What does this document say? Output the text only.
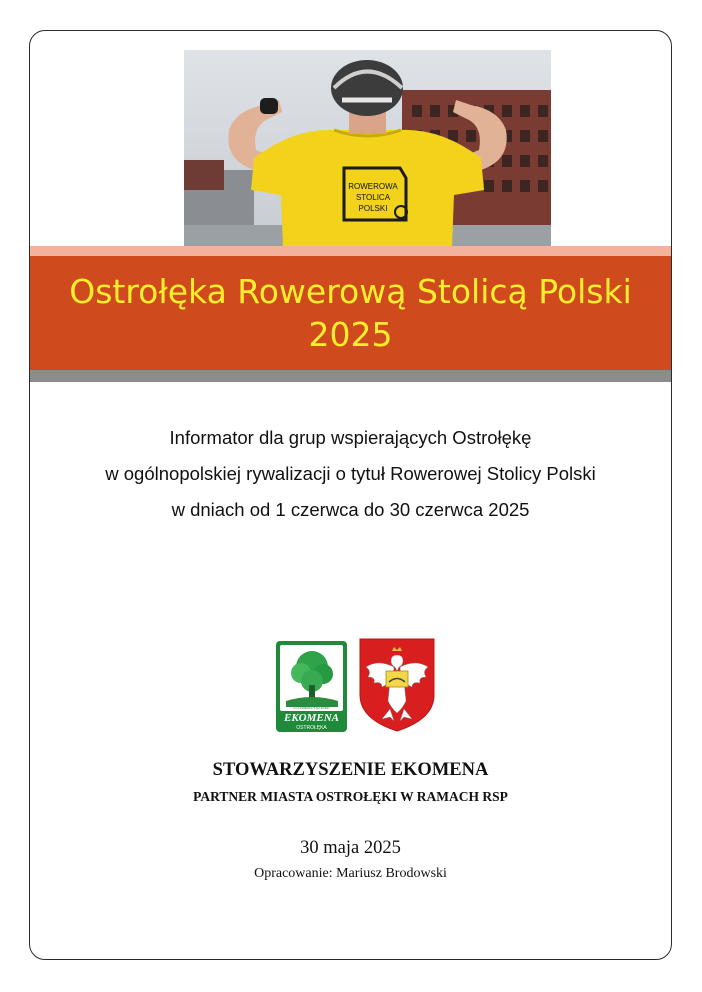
ROWEROWA
STOLICA
POLSKI
Ostrołęka Rowerową Stolicą Polski
2025
Informator dla grup wspierających Ostrołękę
w ogólnopolskiej rywalizacji o tytuł Rowerowej Stolicy Polski
w dniach od 1 czerwca do 30 czerwca 2025
STOWARZYSZENIE
EKOMENA
OSTROŁĘKA
STOWARZYSZENIE EKOMENA
PARTNER MIASTA OSTROŁĘKI W RAMACH RSP
30 maja 2025
Opracowanie: Mariusz Brodowski
